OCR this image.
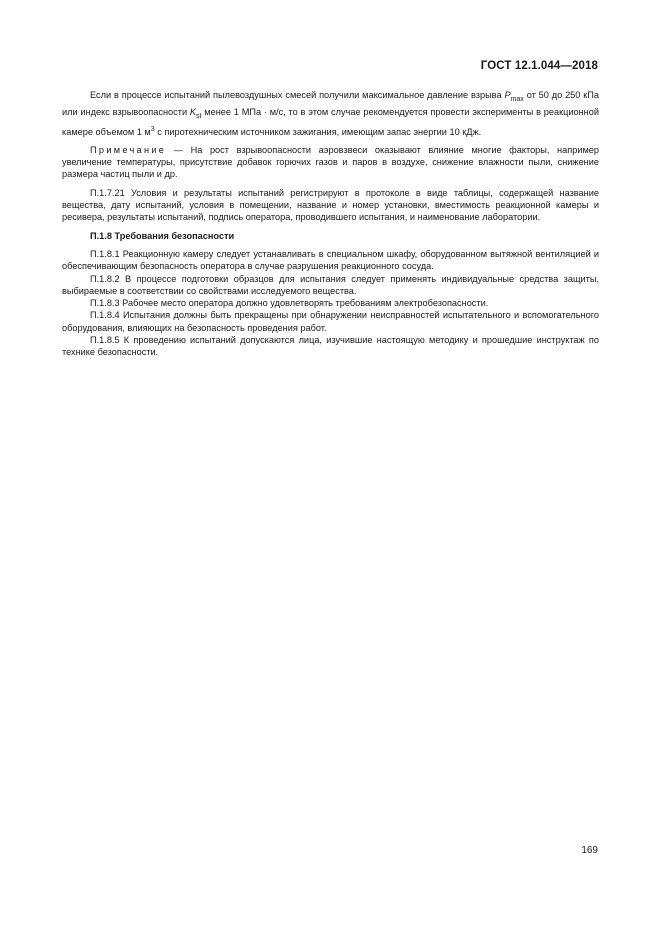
ГОСТ 12.1.044—2018

Если в процессе испытаний пылевоздушных смесей получили максимальное давление взрыва $P_{max}$ от 50 до 250 кПа или индекс взрывоопасности $K_{st}$ менее 1 МПа · м/с, то в этом случае рекомендуется провести эксперименты в реакционной камере объемом 1 $м^3$ с пиротехническим источником зажигания, имеющим запас энергии 10 кДж.

Примечание — На рост взрывоопасности аэровзвеси оказывают влияние многие факторы, например увеличение температуры, присутствие добавок горючих газов и паров в воздухе, снижение влажности пыли, снижение размера частиц пыли и др.

П.1.7.21 Условия и результаты испытаний регистрируют в протоколе в виде таблицы, содержащей название вещества, дату испытаний, условия в помещении, название и номер установки, вместимость реакционной камеры и ресивера, результаты испытаний, подпись оператора, проводившего испытания, и наименование лаборатории.

П.1.8 Требования безопасности

П.1.8.1 Реакционную камеру следует устанавливать в специальном шкафу, оборудованном вытяжной вентиляцией и обеспечивающим безопасность оператора в случае разрушения реакционного сосуда.

П.1.8.2 В процессе подготовки образцов для испытания следует применять индивидуальные средства защиты, выбираемые в соответствии со свойствами исследуемого вещества.

П.1.8.3 Рабочее место оператора должно удовлетворять требованиям электробезопасности.

П.1.8.4 Испытания должны быть прекращены при обнаружении неисправностей испытательного и вспомогательного оборудования, влияющих на безопасность проведения работ.

П.1.8.5 К проведению испытаний допускаются лица, изучившие настоящую методику и прошедшие инструктаж по технике безопасности.

169
